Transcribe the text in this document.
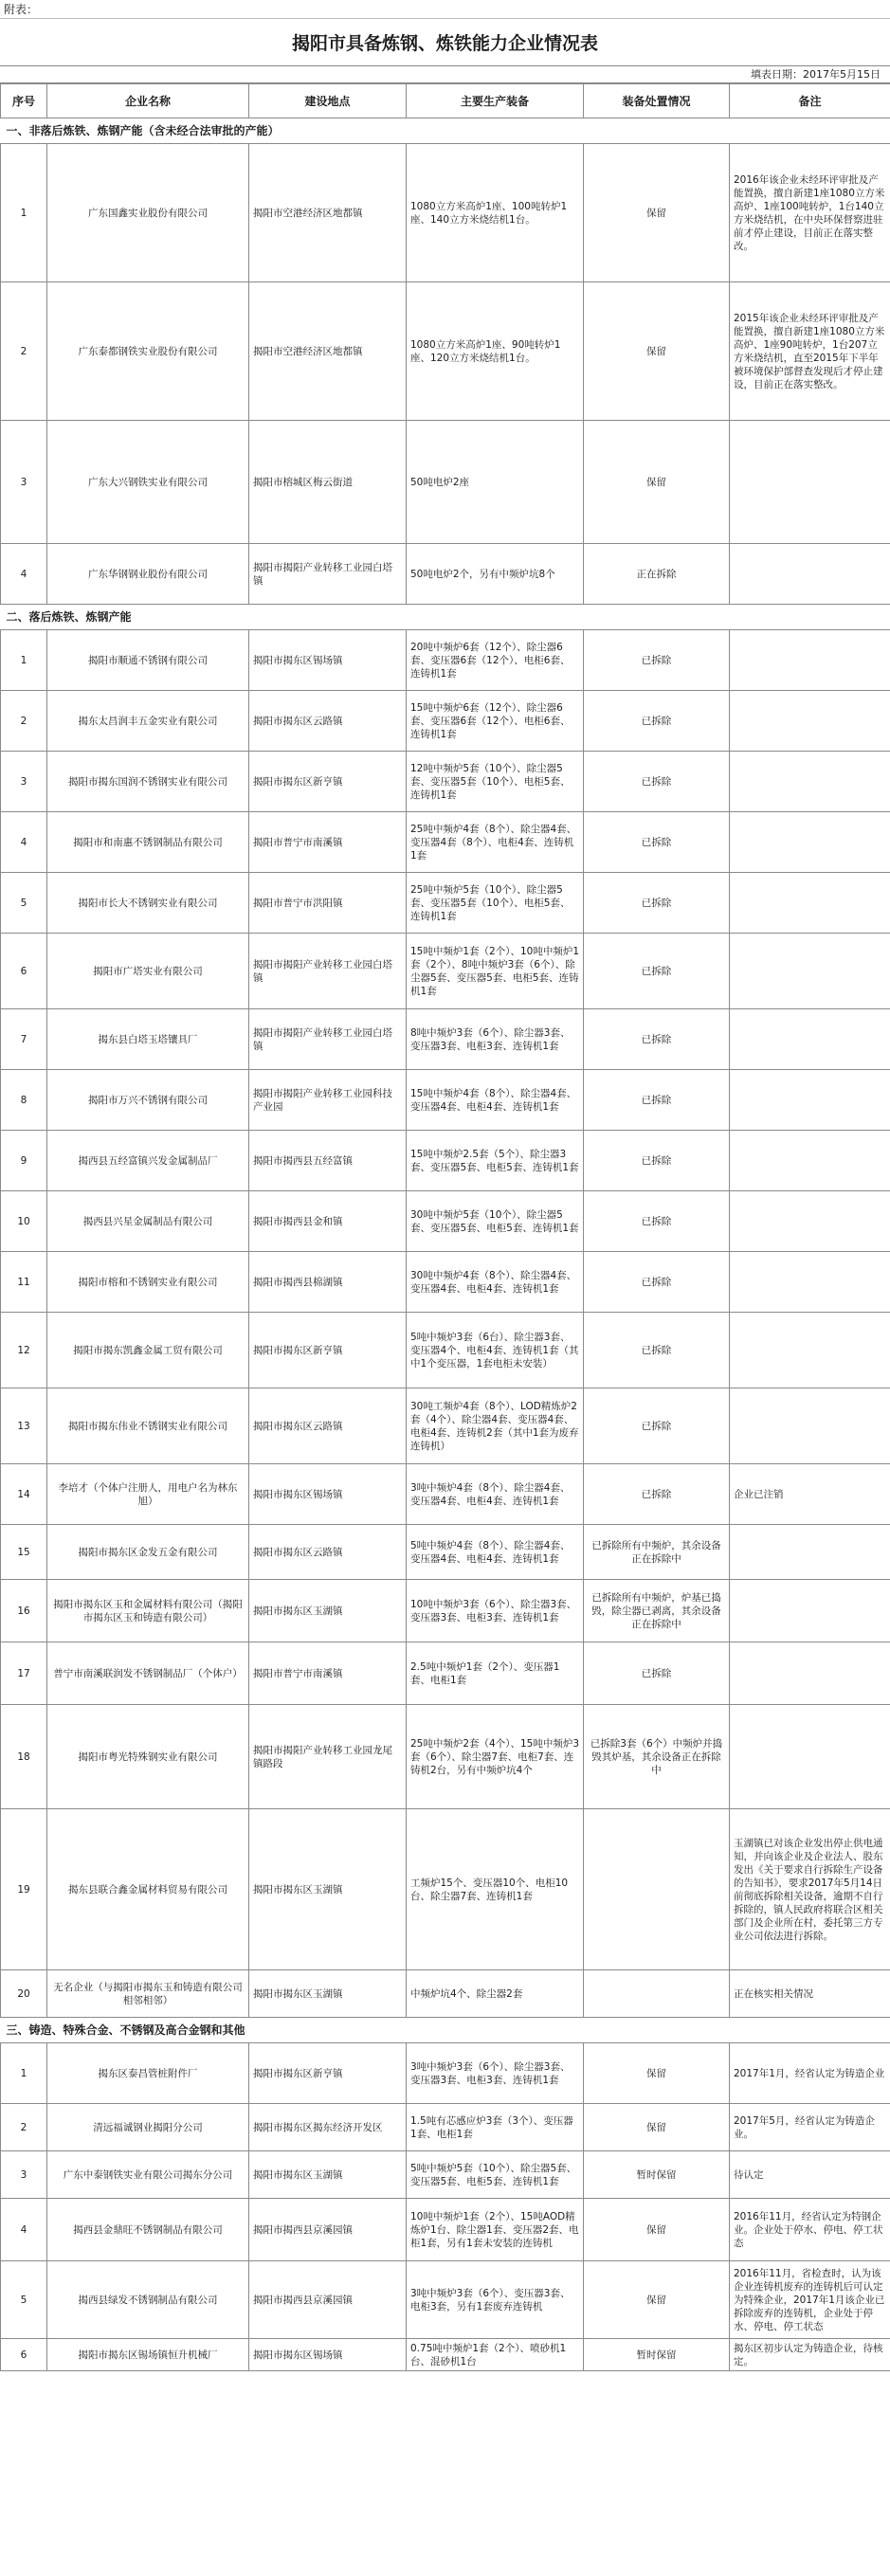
附表：
揭阳市具备炼钢、炼铁能力企业情况表
填表日期：2017年5月15日
序号	企业名称	建设地点	主要生产装备	装备处置情况	备注
一、非落后炼铁、炼钢产能（含未经合法审批的产能）					
1	广东国鑫实业股份有限公司	揭阳市空港经济区地都镇	1080立方米高炉1座、100吨转炉1座、140立方米烧结机1台。	保留	2016年该企业未经环评审批及产能置换，擅自新建1座1080立方米高炉、1座100吨转炉，1台140立方米烧结机，在中央环保督察进驻前才停止建设，目前正在落实整改。
2	广东泰都钢铁实业股份有限公司	揭阳市空港经济区地都镇	1080立方米高炉1座、90吨转炉1座、120立方米烧结机1台。	保留	2015年该企业未经环评审批及产能置换，擅自新建1座1080立方米高炉、1座90吨转炉，1台207立方米烧结机，直至2015年下半年被环境保护部督查发现后才停止建设，目前正在落实整改。
3	广东大兴钢铁实业有限公司	揭阳市榕城区梅云街道	50吨电炉2座	保留	
4	广东华钢钢业股份有限公司	揭阳市揭阳产业转移工业园白塔镇	50吨电炉2个，另有中频炉坑8个	正在拆除	
二、落后炼铁、炼钢产能					
1	揭阳市顺通不锈钢有限公司	揭阳市揭东区锡场镇	20吨中频炉6套（12个）、除尘器6套、变压器6套（12个）、电柜6套、连铸机1套	已拆除	
2	揭东太昌润丰五金实业有限公司	揭阳市揭东区云路镇	15吨中频炉6套（12个）、除尘器6套、变压器6套（12个）、电柜6套、连铸机1套	已拆除	
3	揭阳市揭东国润不锈钢实业有限公司	揭阳市揭东区新亨镇	12吨中频炉5套（10个）、除尘器5套、变压器5套（10个）、电柜5套、连铸机1套	已拆除	
4	揭阳市和南惠不锈钢制品有限公司	揭阳市普宁市南溪镇	25吨中频炉4套（8个）、除尘器4套、变压器4套（8个）、电柜4套、连铸机1套	已拆除	
5	揭阳市长大不锈钢实业有限公司	揭阳市普宁市洪阳镇	25吨中频炉5套（10个）、除尘器5套、变压器5套（10个）、电柜5套、连铸机1套	已拆除	
6	揭阳市广塔实业有限公司	揭阳市揭阳产业转移工业园白塔镇	15吨中频炉1套（2个）、10吨中频炉1套（2个）、8吨中频炉3套（6个）、除尘器5套、变压器5套、电柜5套、连铸机1套	已拆除	
7	揭东县白塔玉塔镶具厂	揭阳市揭阳产业转移工业园白塔镇	8吨中频炉3套（6个）、除尘器3套、变压器3套、电柜3套、连铸机1套	已拆除	
8	揭阳市万兴不锈钢有限公司	揭阳市揭阳产业转移工业园科技产业园	15吨中频炉4套（8个）、除尘器4套、变压器4套、电柜4套、连铸机1套	已拆除	
9	揭西县五经富镇兴发金属制品厂	揭阳市揭西县五经富镇	15吨中频炉2.5套（5个）、除尘器3套、变压器5套、电柜5套、连铸机1套	已拆除	
10	揭西县兴星金属制品有限公司	揭阳市揭西县金和镇	30吨中频炉5套（10个）、除尘器5套、变压器5套、电柜5套、连铸机1套	已拆除	
11	揭阳市榕和不锈钢实业有限公司	揭阳市揭西县棉湖镇	30吨中频炉4套（8个）、除尘器4套、变压器4套、电柜4套、连铸机1套	已拆除	
12	揭阳市揭东凯鑫金属工贸有限公司	揭阳市揭东区新亨镇	5吨中频炉3套（6台）、除尘器3套、变压器4个、电柜4套、连铸机1套（其中1个变压器，1套电柜未安装）	已拆除	
13	揭阳市揭东伟业不锈钢实业有限公司	揭阳市揭东区云路镇	30吨工频炉4套（8个）、LOD精炼炉2套（4个）、除尘器4套、变压器4套、电柜4套、连铸机2套（其中1套为废弃连铸机）	已拆除	
14	李培才（个体户注册人，用电户名为林东旭）	揭阳市揭东区锡场镇	3吨中频炉4套（8个）、除尘器4套、变压器4套、电柜4套、连铸机1套	已拆除	企业已注销
15	揭阳市揭东区金发五金有限公司	揭阳市揭东区云路镇	5吨中频炉4套（8个）、除尘器4套、变压器4套、电柜4套、连铸机1套	已拆除所有中频炉，其余设备正在拆除中	
16	揭阳市揭东区玉和金属材料有限公司（揭阳市揭东区玉和铸造有限公司）	揭阳市揭东区玉湖镇	10吨中频炉3套（6个）、除尘器3套、变压器3套、电柜3套、连铸机1套	已拆除所有中频炉，炉基已捣毁，除尘器已剥离，其余设备正在拆除中	
17	普宁市南溪联润发不锈钢制品厂（个体户）	揭阳市普宁市南溪镇	2.5吨中频炉1套（2个）、变压器1套、电柜1套	已拆除	
18	揭阳市粤光特殊钢实业有限公司	揭阳市揭阳产业转移工业园龙尾镇路段	25吨中频炉2套（4个）、15吨中频炉3套（6个）、除尘器7套、电柜7套、连铸机2台，另有中频炉坑4个	已拆除3套（6个）中频炉并捣毁其炉基，其余设备正在拆除中	
19	揭东县联合鑫金属材料贸易有限公司	揭阳市揭东区玉湖镇	工频炉15个、变压器10个、电柜10台、除尘器7套、连铸机1套		玉湖镇已对该企业发出停止供电通知，并向该企业及企业法人、股东发出《关于要求自行拆除生产设备的告知书》，要求2017年5月14日前彻底拆除相关设备，逾期不自行拆除的，镇人民政府将联合区相关部门及企业所在村，委托第三方专业公司依法进行拆除。
20	无名企业（与揭阳市揭东玉和铸造有限公司相邻相邻）	揭阳市揭东区玉湖镇	中频炉坑4个、除尘器2套		正在核实相关情况
三、铸造、特殊合金、不锈钢及高合金钢和其他					
1	揭东区泰昌管桩附件厂	揭阳市揭东区新亨镇	3吨中频炉3套（6个）、除尘器3套、变压器3套、电柜3套、连铸机1套	保留	2017年1月，经省认定为铸造企业
2	清远福诚钢业揭阳分公司	揭阳市揭东区揭东经济开发区	1.5吨有芯感应炉3套（3个）、变压器1套、电柜1套	保留	2017年5月，经省认定为铸造企业。
3	广东中泰钢铁实业有限公司揭东分公司	揭阳市揭东区玉湖镇	5吨中频炉5套（10个）、除尘器5套、变压器5套、电柜5套、连铸机1套	暂时保留	待认定
4	揭西县金鼎旺不锈钢制品有限公司	揭阳市揭西县京溪园镇	10吨中频炉1套（2个）、15吨AOD精炼炉1台、除尘器1套、变压器2套、电柜1套，另有1套未安装的连铸机	保留	2016年11月，经省认定为特钢企业。企业处于停水、停电、停工状态
5	揭西县绿发不锈钢制品有限公司	揭阳市揭西县京溪园镇	3吨中频炉3套（6个）、变压器3套、电柜3套，另有1套废弃连铸机	保留	2016年11月，省检查时，认为该企业连铸机废弃的连铸机后可认定为特殊企业，2017年1月该企业已拆除废弃的连铸机，企业处于停水、停电、停工状态
6	揭阳市揭东区锡场镇恒升机械厂	揭阳市揭东区锡场镇	0.75吨中频炉1套（2个）、喷砂机1台、混砂机1台	暂时保留	揭东区初步认定为铸造企业，待核定。
